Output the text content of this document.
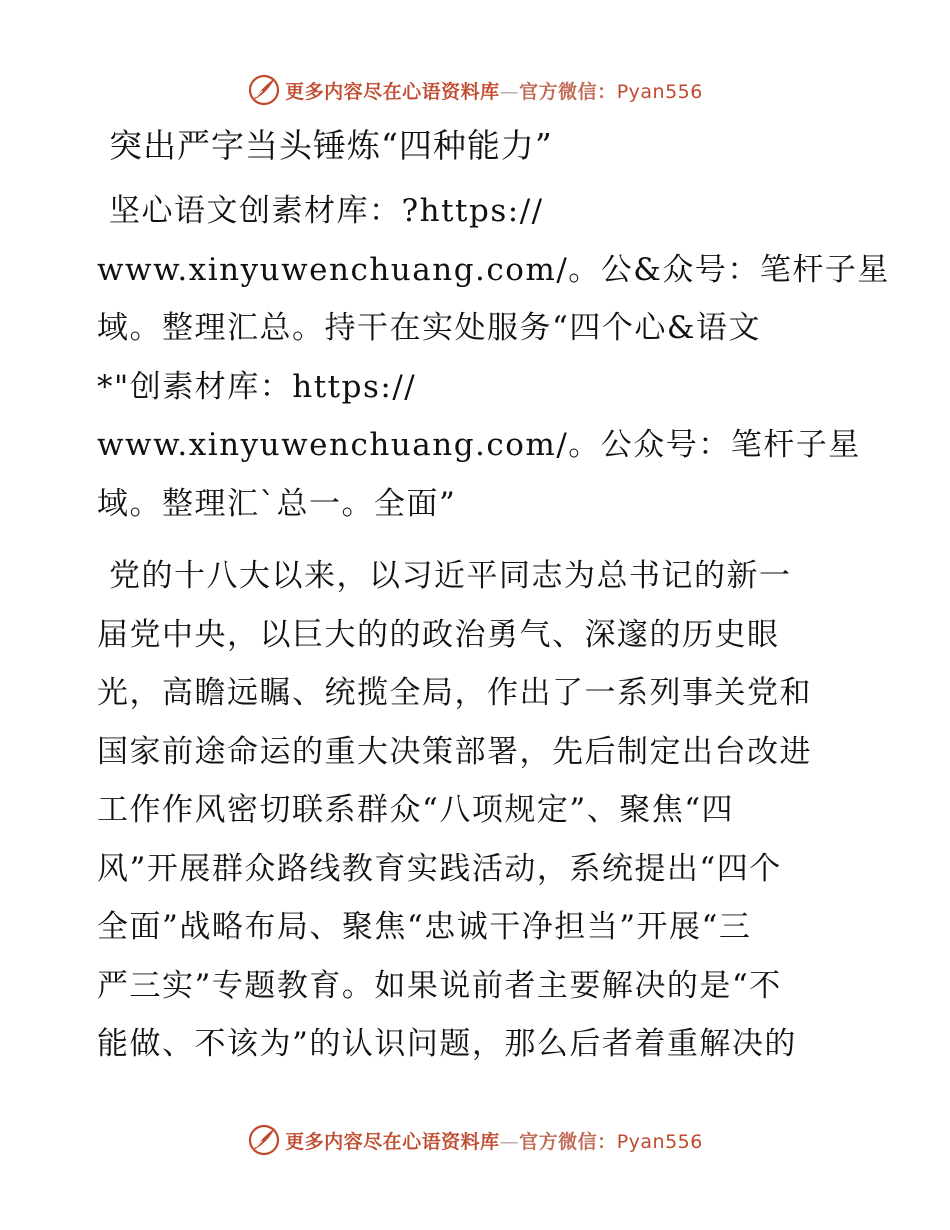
更多内容尽在心语资料库—官方微信：Pyan556
突出严字当头锤炼“四种能力”

坚心语文创素材库：?https://
www.xinyuwenchuang.com/。公&众号：笔杆子星
域。整理汇总。持干在实处服务“四个心&语文
*"创素材库：https://
www.xinyuwenchuang.com/。公众号：笔杆子星
域。整理汇`总一。全面”

党的十八大以来，以习近平同志为总书记的新一
届党中央，以巨大的的政治勇气、深邃的历史眼
光，高瞻远瞩、统揽全局，作出了一系列事关党和
国家前途命运的重大决策部署，先后制定出台改进
工作作风密切联系群众“八项规定”、聚焦“四
风”开展群众路线教育实践活动，系统提出“四个
全面”战略布局、聚焦“忠诚干净担当”开展“三
严三实”专题教育。如果说前者主要解决的是“不
能做、不该为”的认识问题，那么后者着重解决的

更多内容尽在心语资料库—官方微信：Pyan556
